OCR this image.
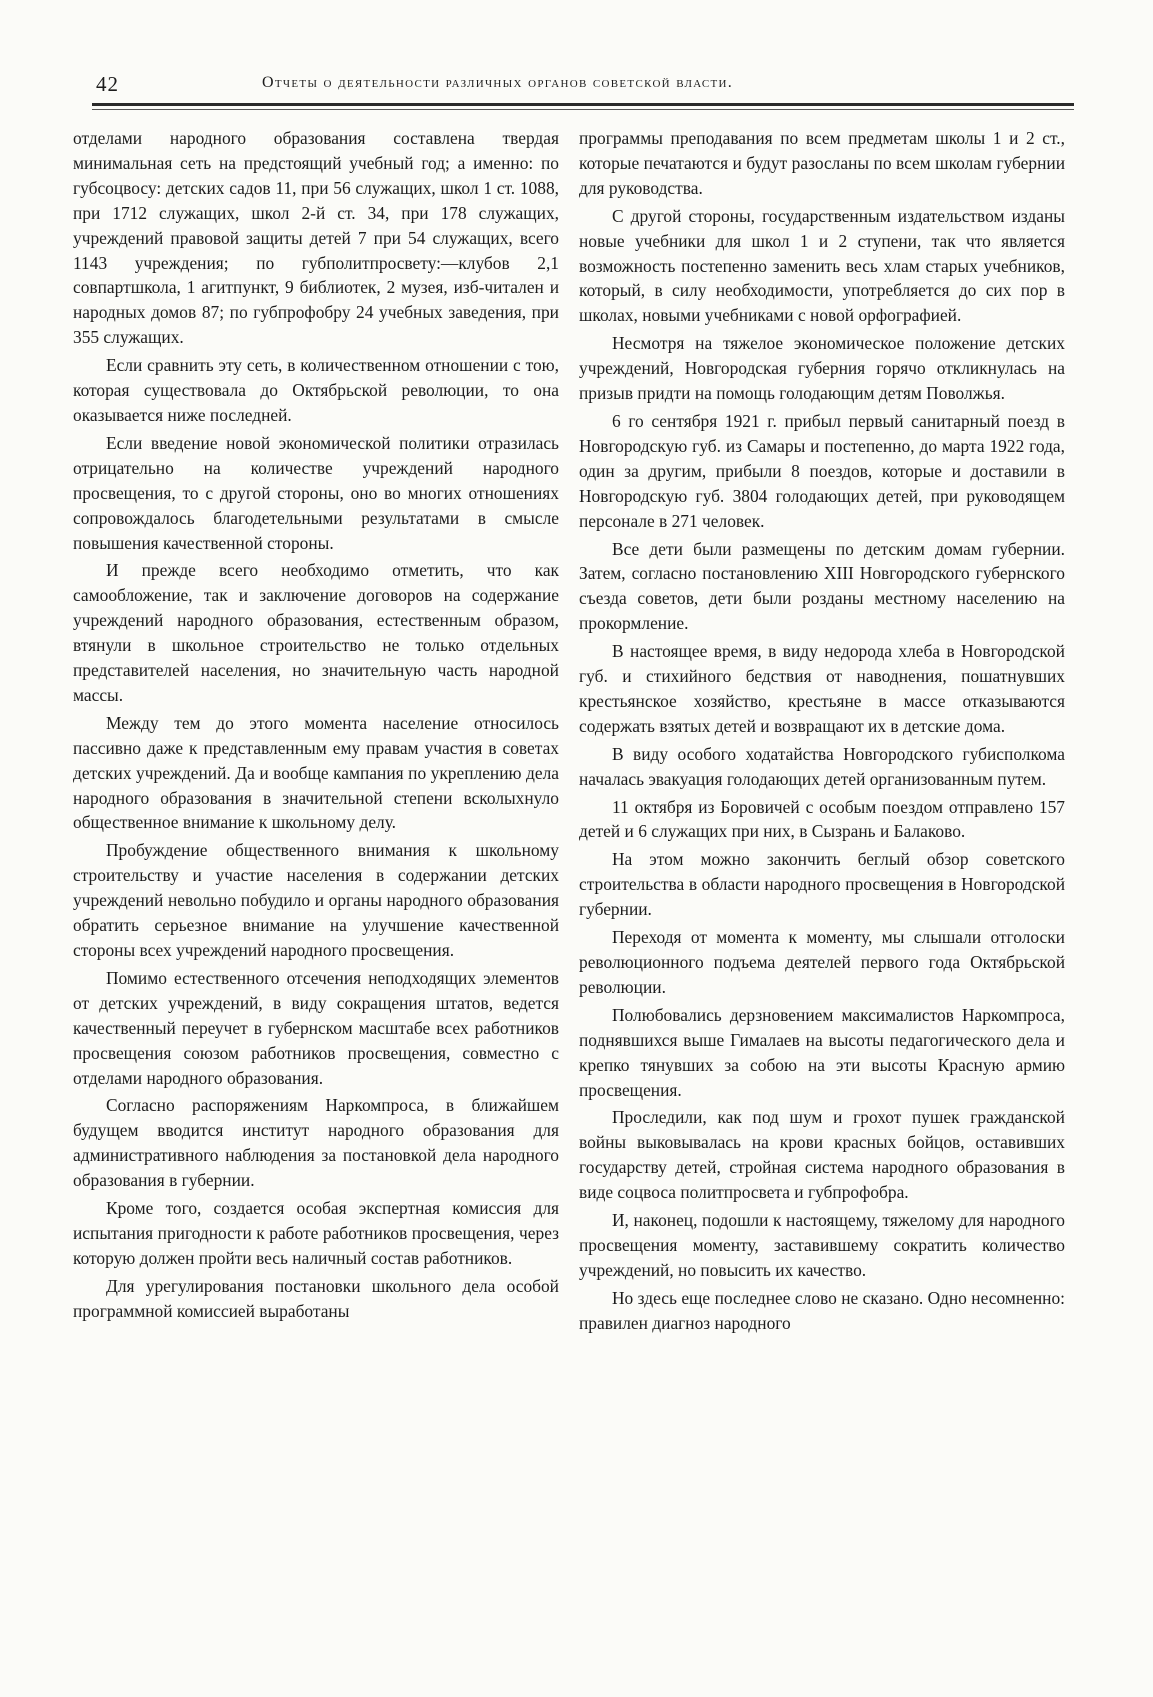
42	Отчеты о деятельности различных органов советской власти.

отделами народного образования составлена твердая минимальная сеть на предстоящий учебный год; а именно: по губсоцвосу: детских садов 11, при 56 служащих, школ 1 ст. 1088, при 1712 служащих, школ 2-й ст. 34, при 178 служащих, учреждений правовой защиты детей 7 при 54 служащих, всего 1143 учреждения; по губполитпросвету:—клубов 2,1 совпартшкола, 1 агитпункт, 9 библиотек, 2 музея, изб-читален и народных домов 87; по губпрофобру 24 учебных заведения, при 355 служащих.

Если сравнить эту сеть, в количественном отношении с тою, которая существовала до Октябрьской революции, то она оказывается ниже последней.

Если введение новой экономической политики отразилась отрицательно на количестве учреждений народного просвещения, то с другой стороны, оно во многих отношениях сопровождалось благодетельными результатами в смысле повышения качественной стороны.

И прежде всего необходимо отметить, что как самообложение, так и заключение договоров на содержание учреждений народного образования, естественным образом, втянули в школьное строительство не только отдельных представителей населения, но значительную часть народной массы.

Между тем до этого момента население относилось пассивно даже к представленным ему правам участия в советах детских учреждений. Да и вообще кампания по укреплению дела народного образования в значительной степени всколыхнуло общественное внимание к школьному делу.

Пробуждение общественного внимания к школьному строительству и участие населения в содержании детских учреждений невольно побудило и органы народного образования обратить серьезное внимание на улучшение качественной стороны всех учреждений народного просвещения.

Помимо естественного отсечения неподходящих элементов от детских учреждений, в виду сокращения штатов, ведется качественный переучет в губернском масштабе всех работников просвещения союзом работников просвещения, совместно с отделами народного образования.

Согласно распоряжениям Наркомпроса, в ближайшем будущем вводится институт народного образования для административного наблюдения за постановкой дела народного образования в губернии.

Кроме того, создается особая экспертная комиссия для испытания пригодности к работе работников просвещения, через которую должен пройти весь наличный состав работников.

Для урегулирования постановки школьного дела особой программной комиссией выработаны

программы преподавания по всем предметам школы 1 и 2 ст., которые печатаются и будут разосланы по всем школам губернии для руководства.

С другой стороны, государственным издательством изданы новые учебники для школ 1 и 2 ступени, так что является возможность постепенно заменить весь хлам старых учебников, который, в силу необходимости, употребляется до сих пор в школах, новыми учебниками с новой орфографией.

Несмотря на тяжелое экономическое положение детских учреждений, Новгородская губерния горячо откликнулась на призыв придти на помощь голодающим детям Поволжья.

6 го сентября 1921 г. прибыл первый санитарный поезд в Новгородскую губ. из Самары и постепенно, до марта 1922 года, один за другим, прибыли 8 поездов, которые и доставили в Новгородскую губ. 3804 голодающих детей, при руководящем персонале в 271 человек.

Все дети были размещены по детским домам губернии. Затем, согласно постановлению XIII Новгородского губернского съезда советов, дети были розданы местному населению на прокормление.

В настоящее время, в виду недорода хлеба в Новгородской губ. и стихийного бедствия от наводнения, пошатнувших крестьянское хозяйство, крестьяне в массе отказываются содержать взятых детей и возвращают их в детские дома.

В виду особого ходатайства Новгородского губисполкома началась эвакуация голодающих детей организованным путем.

11 октября из Боровичей с особым поездом отправлено 157 детей и 6 служащих при них, в Сызрань и Балаково.

На этом можно закончить беглый обзор советского строительства в области народного просвещения в Новгородской губернии.

Переходя от момента к моменту, мы слышали отголоски революционного подъема деятелей первого года Октябрьской революции.

Полюбовались дерзновением максималистов Наркомпроса, поднявшихся выше Гималаев на высоты педагогического дела и крепко тянувших за собою на эти высоты Красную армию просвещения.

Проследили, как под шум и грохот пушек гражданской войны выковывалась на крови красных бойцов, оставивших государству детей, стройная система народного образования в виде соцвоса политпросвета и губпрофобра.

И, наконец, подошли к настоящему, тяжелому для народного просвещения моменту, заставившему сократить количество учреждений, но повысить их качество.

Но здесь еще последнее слово не сказано. Одно несомненно: правилен диагноз народного
